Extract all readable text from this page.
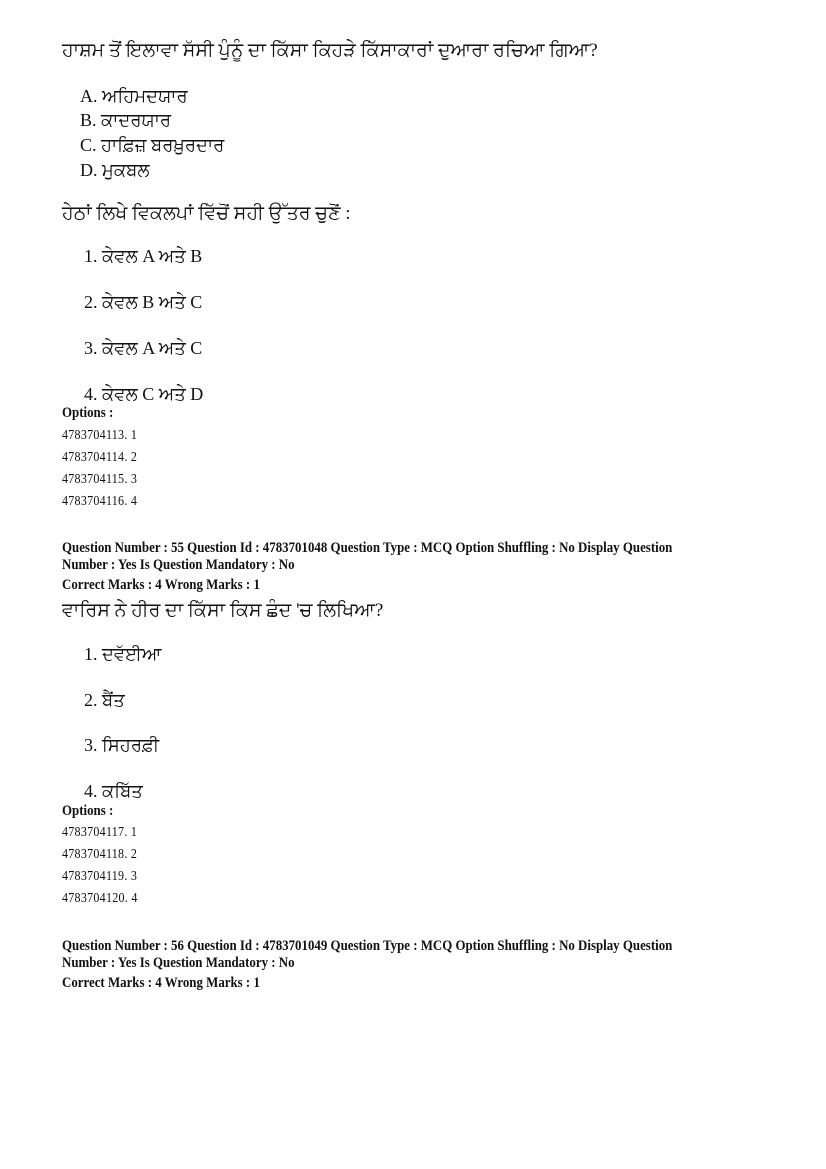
ਹਾਸ਼ਮ ਤੋਂ ਇਲਾਵਾ ਸੱਸੀ ਪੁੰਨੂੰ ਦਾ ਕਿੱਸਾ ਕਿਹੜੇ ਕਿੱਸਾਕਾਰਾਂ ਦੁਆਰਾ ਰਚਿਆ ਗਿਆ?
A. ਅਹਿਮਦਯਾਰ
B. ਕਾਦਰਯਾਰ
C. ਹਾਫ਼ਿਜ਼ ਬਰਖ਼ੁਰਦਾਰ
D. ਮੁਕਬਲ
ਹੇਠਾਂ ਲਿਖੇ ਵਿਕਲਪਾਂ ਵਿੱਚੋਂ ਸਹੀ ਉੱਤਰ ਚੁਣੋਂ :
1. ਕੇਵਲ A ਅਤੇ B
2. ਕੇਵਲ B ਅਤੇ C
3. ਕੇਵਲ A ਅਤੇ C
4. ਕੇਵਲ C ਅਤੇ D
Options :
4783704113. 1
4783704114. 2
4783704115. 3
4783704116. 4
Question Number : 55 Question Id : 4783701048 Question Type : MCQ Option Shuffling : No Display Question
Number : Yes Is Question Mandatory : No
Correct Marks : 4 Wrong Marks : 1
ਵਾਰਿਸ ਨੇ ਹੀਰ ਦਾ ਕਿੱਸਾ ਕਿਸ ਛੰਦ 'ਚ ਲਿਖਿਆ?
1. ਦਵੱਈਆ
2. ਬੈਂਤ
3. ਸਿਹਰਫ਼ੀ
4. ਕਬਿੱਤ
Options :
4783704117. 1
4783704118. 2
4783704119. 3
4783704120. 4
Question Number : 56 Question Id : 4783701049 Question Type : MCQ Option Shuffling : No Display Question
Number : Yes Is Question Mandatory : No
Correct Marks : 4 Wrong Marks : 1
